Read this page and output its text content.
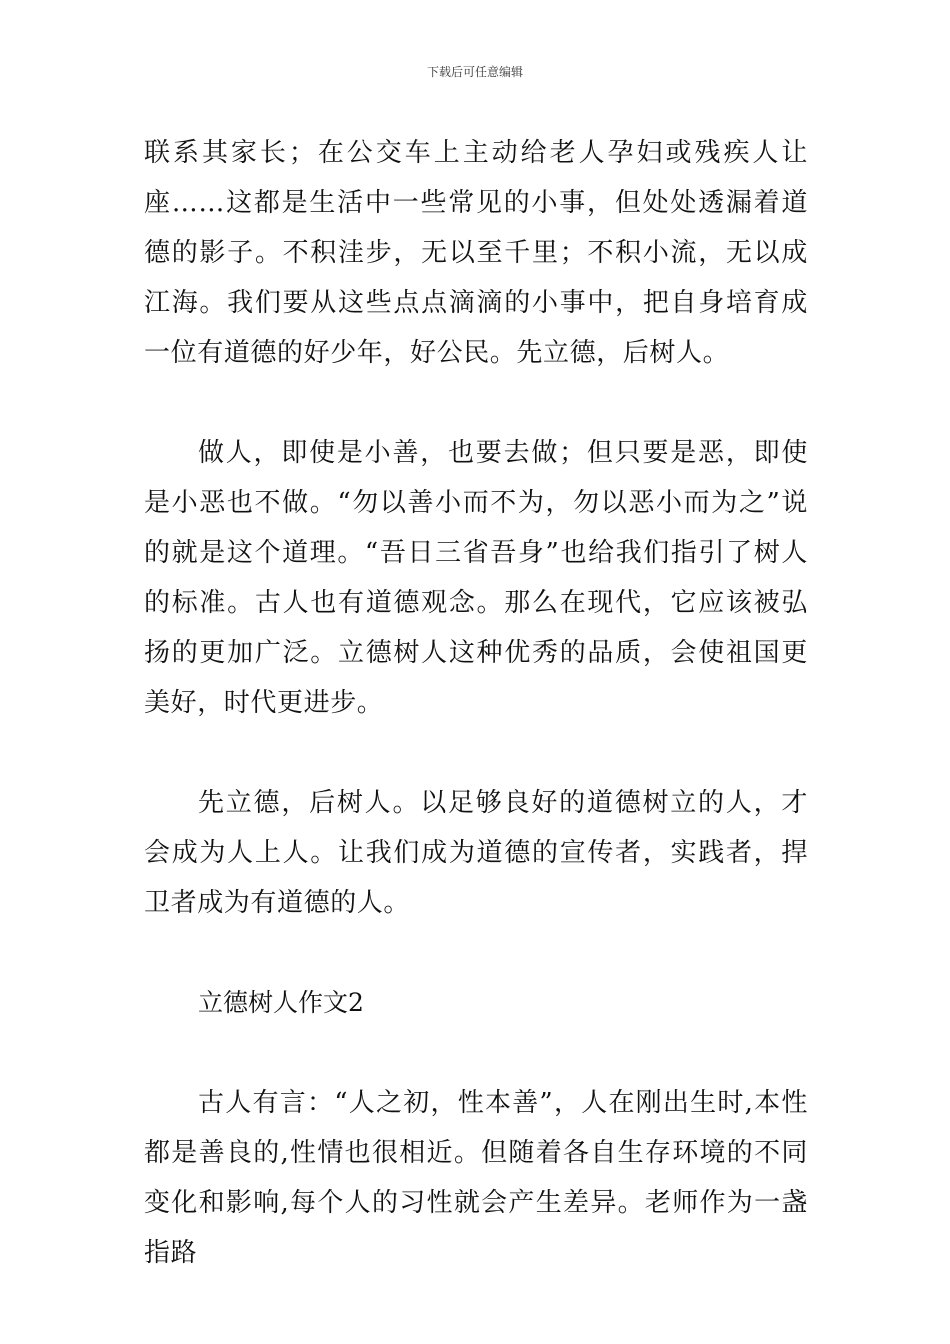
下载后可任意编辑

联系其家长；在公交车上主动给老人孕妇或残疾人让座……这都是生活中一些常见的小事，但处处透漏着道德的影子。不积洼步，无以至千里；不积小流，无以成江海。我们要从这些点点滴滴的小事中，把自身培育成一位有道德的好少年，好公民。先立德，后树人。

做人，即使是小善，也要去做；但只要是恶，即使是小恶也不做。“勿以善小而不为，勿以恶小而为之”说的就是这个道理。“吾日三省吾身”也给我们指引了树人的标准。古人也有道德观念。那么在现代，它应该被弘扬的更加广泛。立德树人这种优秀的品质，会使祖国更美好，时代更进步。

先立德，后树人。以足够良好的道德树立的人，才会成为人上人。让我们成为道德的宣传者，实践者，捍卫者成为有道德的人。

立德树人作文2

古人有言：“人之初，性本善”，人在刚出生时,本性都是善良的,性情也很相近。但随着各自生存环境的不同变化和影响,每个人的习性就会产生差异。老师作为一盏指路
